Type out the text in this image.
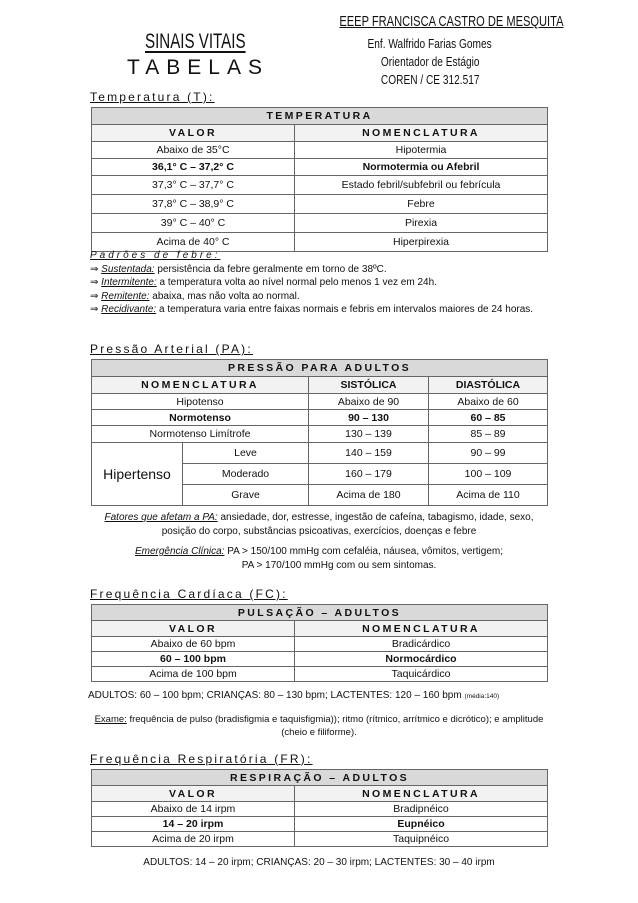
SINAIS VITAIS
TABELAS
EEEP FRANCISCA CASTRO DE MESQUITA
Enf. Walfrido Farias Gomes
Orientador de Estágio
COREN / CE 312.517
Temperatura (T):
TEMPERATURA	
VALOR	NOMENCLATURA
Abaixo de 35°C	Hipotermia
36,1° C – 37,2° C	Normotermia ou Afebril
37,3° C – 37,7° C	Estado febril/subfebril ou febrícula
37,8° C – 38,9° C	Febre
39° C – 40° C	Pirexia
Acima de 40° C	Hiperpirexia
Padrões de febre:
⇒ Sustentada: persistência da febre geralmente em torno de 38ºC.
⇒ Intermitente: a temperatura volta ao nível normal pelo menos 1 vez em 24h.
⇒ Remitente: abaixa, mas não volta ao normal.
⇒ Recidivante: a temperatura varia entre faixas normais e febris em intervalos maiores de 24 horas.
Pressão Arterial (PA):
PRESSÃO PARA ADULTOS			
NOMENCLATURA		SISTÓLICA	DIASTÓLICA
Hipotenso		Abaixo de 90	Abaixo de 60
Normotenso		90 – 130	60 – 85
Normotenso Limítrofe		130 – 139	85 – 89
Hipertenso	Leve	140 – 159	90 – 99
	Moderado	160 – 179	100 – 109
	Grave	Acima de 180	Acima de 110
Fatores que afetam a PA: ansiedade, dor, estresse, ingestão de cafeína, tabagismo, idade, sexo, posição do corpo, substâncias psicoativas, exercícios, doenças e febre
Emergência Clínica: PA > 150/100 mmHg com cefaléia, náusea, vômitos, vertigem;
PA > 170/100 mmHg com ou sem sintomas.
Frequência Cardíaca (FC):
PULSAÇÃO – ADULTOS	
VALOR	NOMENCLATURA
Abaixo de 60 bpm	Bradicárdico
60 – 100 bpm	Normocárdico
Acima de 100 bpm	Taquicárdico
ADULTOS: 60 – 100 bpm; CRIANÇAS: 80 – 130 bpm; LACTENTES: 120 – 160 bpm (média:140)
Exame: frequência de pulso (bradisfigmia e taquisfigmia)); ritmo (rítmico, arrítmico e dicrótico); e amplitude (cheio e filiforme).
Frequência Respiratória (FR):
RESPIRAÇÃO – ADULTOS	
VALOR	NOMENCLATURA
Abaixo de 14 irpm	Bradipnéico
14 – 20 irpm	Eupnéico
Acima de 20 irpm	Taquipnéico
ADULTOS: 14 – 20 irpm; CRIANÇAS: 20 – 30 irpm; LACTENTES: 30 – 40 irpm
